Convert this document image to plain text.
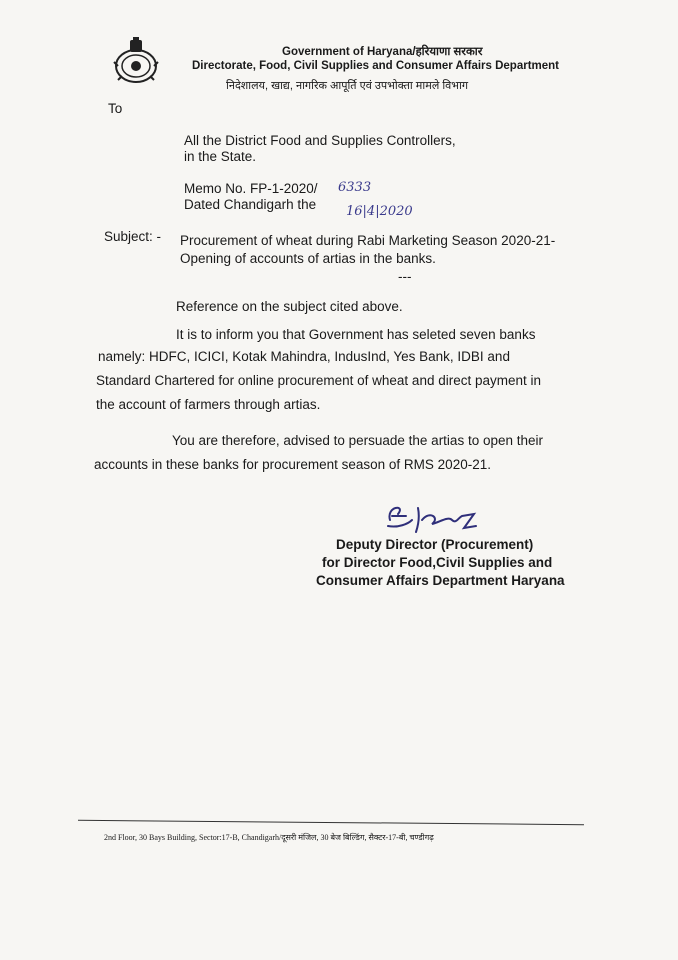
Government of Haryana/हरियाणा सरकार
Directorate, Food, Civil Supplies and Consumer Affairs Department
निदेशालय, खाद्य, नागरिक आपूर्ति एवं उपभोक्ता मामले विभाग
To
All the District Food and Supplies Controllers,
in the State.
Memo No. FP-1-2020/ 6333
Dated Chandigarh the 16|4|2020
Subject: - Procurement of wheat during Rabi Marketing Season 2020-21-
Opening of accounts of artias in the banks.
---
Reference on the subject cited above.
It is to inform you that Government has seleted seven banks
namely: HDFC, ICICI, Kotak Mahindra, IndusInd, Yes Bank, IDBI and
Standard Chartered for online procurement of wheat and direct payment in
the account of farmers through artias.
You are therefore, advised to persuade the artias to open their
accounts in these banks for procurement season of RMS 2020-21.
Deputy Director (Procurement)
for Director Food,Civil Supplies and
Consumer Affairs Department Haryana
2nd Floor, 30 Bays Building, Sector:17-B, Chandigarh/दूसरी मंजिल, 30 बेज बिल्डिंग, सैक्टर-17-बी, चण्डीगढ़
